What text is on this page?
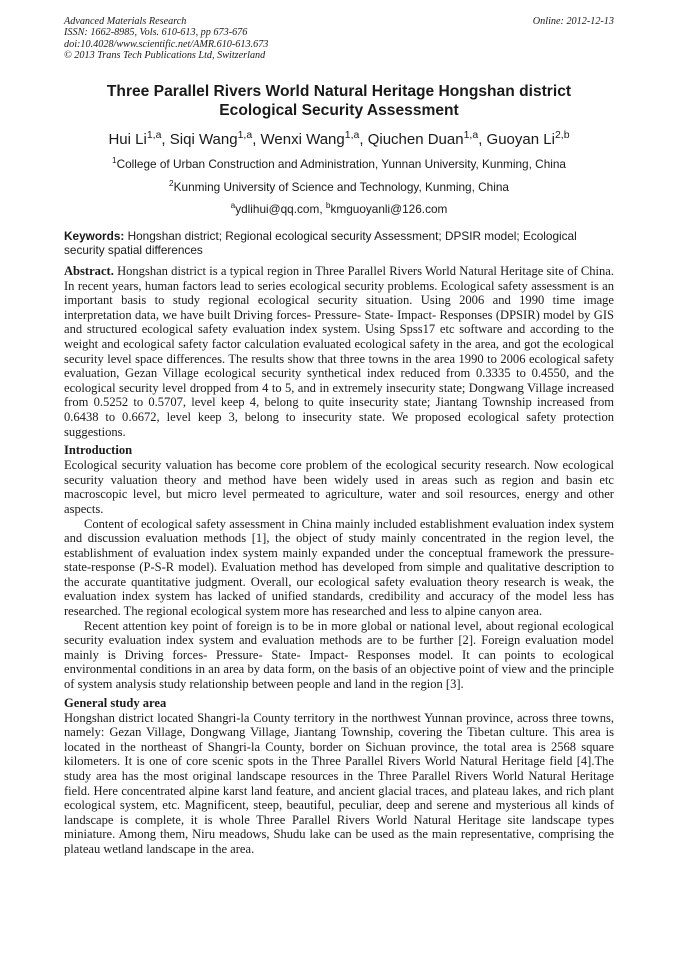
Advanced Materials Research
ISSN: 1662-8985, Vols. 610-613, pp 673-676
doi:10.4028/www.scientific.net/AMR.610-613.673
© 2013 Trans Tech Publications Ltd, Switzerland
Online: 2012-12-13
Three Parallel Rivers World Natural Heritage Hongshan district
Ecological Security Assessment
Hui Li$^{1,a}$, Siqi Wang$^{1,a}$, Wenxi Wang$^{1,a}$, Qiuchen Duan$^{1,a}$, Guoyan Li$^{2,b}$
$^1$College of Urban Construction and Administration, Yunnan University, Kunming, China
$^2$Kunming University of Science and Technology, Kunming, China
$^a$ydlihui@qq.com, $^b$kmguoyanli@126.com
Keywords: Hongshan district; Regional ecological security Assessment; DPSIR model; Ecological security spatial differences

Abstract. Hongshan district is a typical region in Three Parallel Rivers World Natural Heritage site of China. In recent years, human factors lead to series ecological security problems. Ecological safety assessment is an important basis to study regional ecological security situation. Using 2006 and 1990 time image interpretation data, we have built Driving forces- Pressure- State- Impact- Responses (DPSIR) model by GIS and structured ecological safety evaluation index system. Using Spss17 etc software and according to the weight and ecological safety factor calculation evaluated ecological safety in the area, and got the ecological security level space differences. The results show that three towns in the area 1990 to 2006 ecological safety evaluation, Gezan Village ecological security synthetical index reduced from 0.3335 to 0.4550, and the ecological security level dropped from 4 to 5, and in extremely insecurity state; Dongwang Village increased from 0.5252 to 0.5707, level keep 4, belong to quite insecurity state; Jiantang Township increased from 0.6438 to 0.6672, level keep 3, belong to insecurity state. We proposed ecological safety protection suggestions.

Introduction

Ecological security valuation has become core problem of the ecological security research. Now ecological security valuation theory and method have been widely used in areas such as region and basin etc macroscopic level, but micro level permeated to agriculture, water and soil resources, energy and other aspects.

Content of ecological safety assessment in China mainly included establishment evaluation index system and discussion evaluation methods [1], the object of study mainly concentrated in the region level, the establishment of evaluation index system mainly expanded under the conceptual framework the pressure-state-response (P-S-R model). Evaluation method has developed from simple and qualitative description to the accurate quantitative judgment. Overall, our ecological safety evaluation theory research is weak, the evaluation index system has lacked of unified standards, credibility and accuracy of the model less has researched. The regional ecological system more has researched and less to alpine canyon area.

Recent attention key point of foreign is to be in more global or national level, about regional ecological security evaluation index system and evaluation methods are to be further [2]. Foreign evaluation model mainly is Driving forces- Pressure- State- Impact- Responses model. It can points to ecological environmental conditions in an area by data form, on the basis of an objective point of view and the principle of system analysis study relationship between people and land in the region [3].

General study area

Hongshan district located Shangri-la County territory in the northwest Yunnan province, across three towns, namely: Gezan Village, Dongwang Village, Jiantang Township, covering the Tibetan culture. This area is located in the northeast of Shangri-la County, border on Sichuan province, the total area is 2568 square kilometers. It is one of core scenic spots in the Three Parallel Rivers World Natural Heritage field [4].The study area has the most original landscape resources in the Three Parallel Rivers World Natural Heritage field. Here concentrated alpine karst land feature, and ancient glacial traces, and plateau lakes, and rich plant ecological system, etc. Magnificent, steep, beautiful, peculiar, deep and serene and mysterious all kinds of landscape is complete, it is whole Three Parallel Rivers World Natural Heritage site landscape types miniature. Among them, Niru meadows, Shudu lake can be used as the main representative, comprising the plateau wetland landscape in the area.
